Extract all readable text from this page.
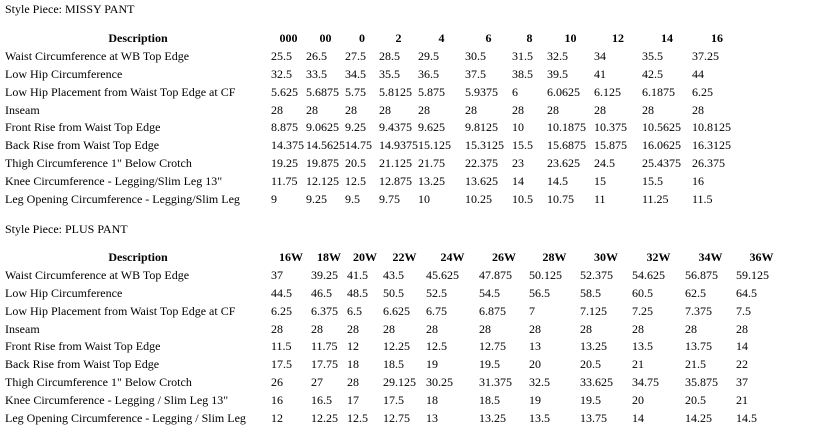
Style Piece: MISSY PANT
Description	000	00	0	2	4	6	8	10	12	14	16
Waist Circumference at WB Top Edge	25.5	26.5	27.5	28.5	29.5	30.5	31.5	32.5	34	35.5	37.25
Low Hip Circumference	32.5	33.5	34.5	35.5	36.5	37.5	38.5	39.5	41	42.5	44
Low Hip Placement from Waist Top Edge at CF	5.625	5.6875	5.75	5.8125	5.875	5.9375	6	6.0625	6.125	6.1875	6.25
Inseam	28	28	28	28	28	28	28	28	28	28	28
Front Rise from Waist Top Edge	8.875	9.0625	9.25	9.4375	9.625	9.8125	10	10.1875	10.375	10.5625	10.8125
Back Rise from Waist Top Edge	14.375	14.5625	14.75	14.9375	15.125	15.3125	15.5	15.6875	15.875	16.0625	16.3125
Thigh Circumference 1" Below Crotch	19.25	19.875	20.5	21.125	21.75	22.375	23	23.625	24.5	25.4375	26.375
Knee Circumference - Legging/Slim Leg 13"	11.75	12.125	12.5	12.875	13.25	13.625	14	14.5	15	15.5	16
Leg Opening Circumference - Legging/Slim Leg	9	9.25	9.5	9.75	10	10.25	10.5	10.75	11	11.25	11.5
Style Piece: PLUS PANT
Description	16W	18W	20W	22W	24W	26W	28W	30W	32W	34W	36W
Waist Circumference at WB Top Edge	37	39.25	41.5	43.5	45.625	47.875	50.125	52.375	54.625	56.875	59.125
Low Hip Circumference	44.5	46.5	48.5	50.5	52.5	54.5	56.5	58.5	60.5	62.5	64.5
Low Hip Placement from Waist Top Edge at CF	6.25	6.375	6.5	6.625	6.75	6.875	7	7.125	7.25	7.375	7.5
Inseam	28	28	28	28	28	28	28	28	28	28	28
Front Rise from Waist Top Edge	11.5	11.75	12	12.25	12.5	12.75	13	13.25	13.5	13.75	14
Back Rise from Waist Top Edge	17.5	17.75	18	18.5	19	19.5	20	20.5	21	21.5	22
Thigh Circumference 1" Below Crotch	26	27	28	29.125	30.25	31.375	32.5	33.625	34.75	35.875	37
Knee Circumference - Legging / Slim Leg 13"	16	16.5	17	17.5	18	18.5	19	19.5	20	20.5	21
Leg Opening Circumference - Legging / Slim Leg	12	12.25	12.5	12.75	13	13.25	13.5	13.75	14	14.25	14.5
